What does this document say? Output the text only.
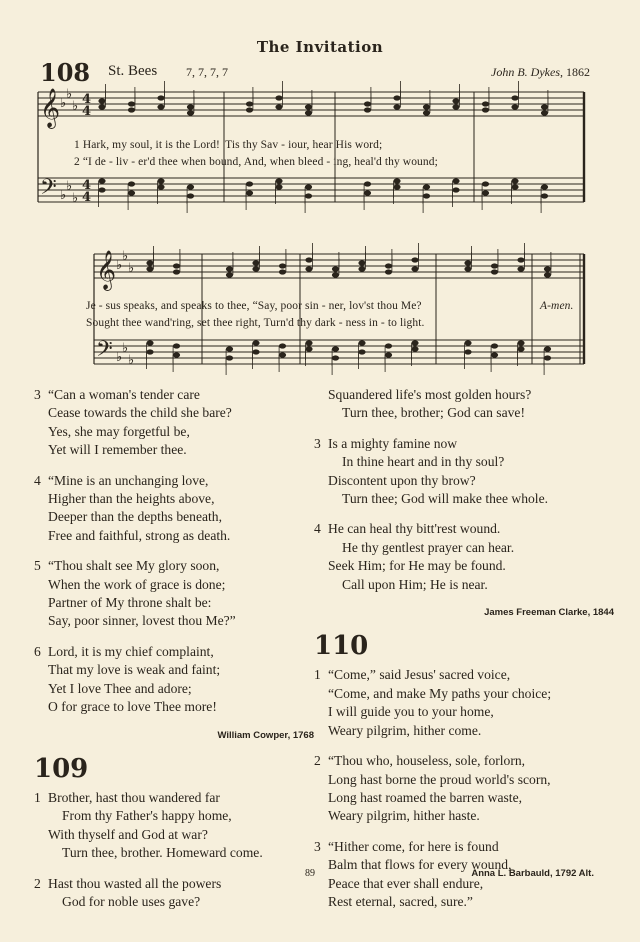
The Invitation
108 St. Bees 7, 7, 7, 7	John B. Dykes, 1862
𝄞
𝄢
♭
♭
♭
♭
♭
♭
4
4
4
4
𝄞
𝄢
♭
♭
♭
♭
♭
♭
1 Hark, my soul, it is the Lord! 'Tis thy Sav - iour, hear His word;
2 “I de - liv - er'd thee when bound, And, when bleed - ing, heal'd thy wound;
Je - sus speaks, and speaks to thee, “Say, poor sin - ner, lov'st thou Me?	A-men.
Sought thee wand'ring, set thee right, Turn'd thy dark - ness in - to light.
3 “Can a woman's tender care
Cease towards the child she bare?
Yes, she may forgetful be,
Yet will I remember thee.
4 “Mine is an unchanging love,
Higher than the heights above,
Deeper than the depths beneath,
Free and faithful, strong as death.
5 “Thou shalt see My glory soon,
When the work of grace is done;
Partner of My throne shalt be:
Say, poor sinner, lovest thou Me?”
6 Lord, it is my chief complaint,
That my love is weak and faint;
Yet I love Thee and adore;
O for grace to love Thee more!
William Cowper, 1768
109
1 Brother, hast thou wandered far
From thy Father's happy home,
With thyself and God at war?
Turn thee, brother. Homeward come.
2 Hast thou wasted all the powers
God for noble uses gave?
Squandered life's most golden hours?
Turn thee, brother; God can save!
3 Is a mighty famine now
In thine heart and in thy soul?
Discontent upon thy brow?
Turn thee; God will make thee whole.
4 He can heal thy bitt'rest wound.
He thy gentlest prayer can hear.
Seek Him; for He may be found.
Call upon Him; He is near.
James Freeman Clarke, 1844
110
1 “Come,” said Jesus' sacred voice,
“Come, and make My paths your choice;
I will guide you to your home,
Weary pilgrim, hither come.
2 “Thou who, houseless, sole, forlorn,
Long hast borne the proud world's scorn,
Long hast roamed the barren waste,
Weary pilgrim, hither haste.
3 “Hither come, for here is found
Balm that flows for every wound,
Peace that ever shall endure,
Rest eternal, sacred, sure.”
89	Anna L. Barbauld, 1792 Alt.
